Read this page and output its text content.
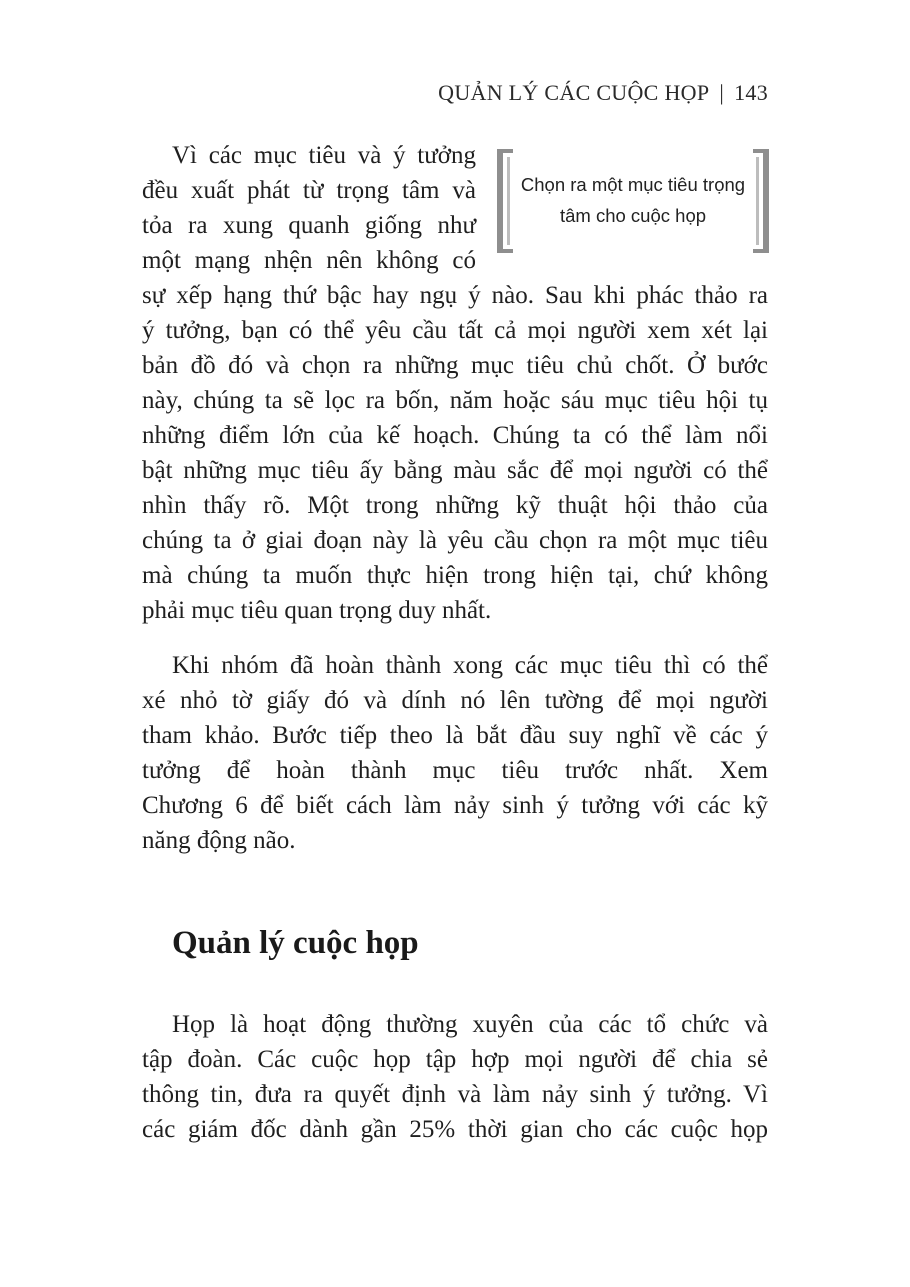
QUẢN LÝ CÁC CUỘC HỌP | 143
Chọn ra một mục tiêu trọng
tâm cho cuộc họp
Vì các mục tiêu và ý tưởng
đều xuất phát từ trọng tâm và
tỏa ra xung quanh giống như
một mạng nhện nên không có
sự xếp hạng thứ bậc hay ngụ ý nào. Sau khi phác thảo ra
ý tưởng, bạn có thể yêu cầu tất cả mọi người xem xét lại
bản đồ đó và chọn ra những mục tiêu chủ chốt. Ở bước
này, chúng ta sẽ lọc ra bốn, năm hoặc sáu mục tiêu hội tụ
những điểm lớn của kế hoạch. Chúng ta có thể làm nổi
bật những mục tiêu ấy bằng màu sắc để mọi người có thể
nhìn thấy rõ. Một trong những kỹ thuật hội thảo của
chúng ta ở giai đoạn này là yêu cầu chọn ra một mục tiêu
mà chúng ta muốn thực hiện trong hiện tại, chứ không
phải mục tiêu quan trọng duy nhất.
Khi nhóm đã hoàn thành xong các mục tiêu thì có thể
xé nhỏ tờ giấy đó và dính nó lên tường để mọi người
tham khảo. Bước tiếp theo là bắt đầu suy nghĩ về các ý
tưởng để hoàn thành mục tiêu trước nhất. Xem
Chương 6 để biết cách làm nảy sinh ý tưởng với các kỹ
năng động não.
Quản lý cuộc họp
Họp là hoạt động thường xuyên của các tổ chức và
tập đoàn. Các cuộc họp tập hợp mọi người để chia sẻ
thông tin, đưa ra quyết định và làm nảy sinh ý tưởng. Vì
các giám đốc dành gần 25% thời gian cho các cuộc họp
